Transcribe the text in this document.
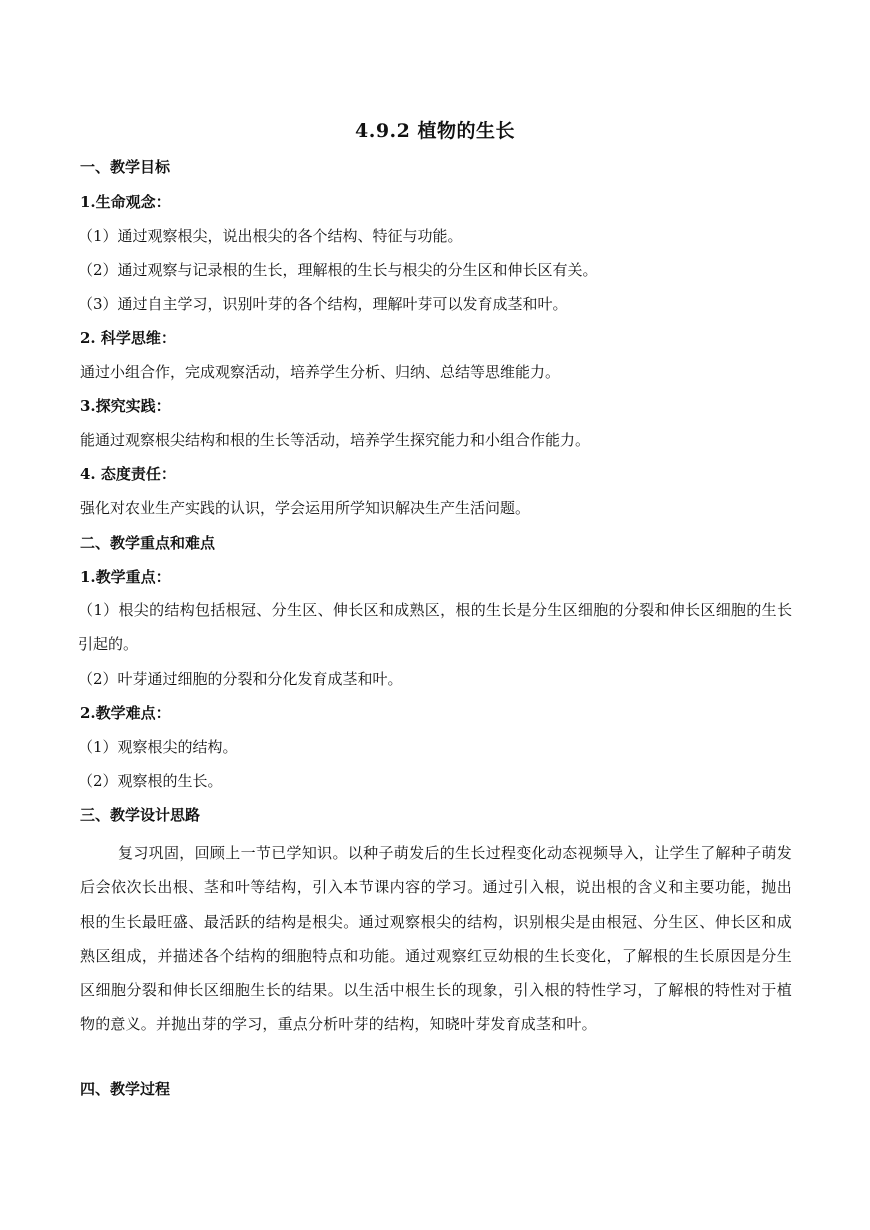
4.9.2 植物的生长
一、教学目标
1.生命观念：
（1）通过观察根尖，说出根尖的各个结构、特征与功能。
（2）通过观察与记录根的生长，理解根的生长与根尖的分生区和伸长区有关。
（3）通过自主学习，识别叶芽的各个结构，理解叶芽可以发育成茎和叶。
2. 科学思维：
通过小组合作，完成观察活动，培养学生分析、归纳、总结等思维能力。
3.探究实践：
能通过观察根尖结构和根的生长等活动，培养学生探究能力和小组合作能力。
4. 态度责任：
强化对农业生产实践的认识，学会运用所学知识解决生产生活问题。
二、教学重点和难点
1.教学重点：
（1）根尖的结构包括根冠、分生区、伸长区和成熟区，根的生长是分生区细胞的分裂和伸长区细胞的生长引起的。
（2）叶芽通过细胞的分裂和分化发育成茎和叶。
2.教学难点：
（1）观察根尖的结构。
（2）观察根的生长。
三、教学设计思路
复习巩固，回顾上一节已学知识。以种子萌发后的生长过程变化动态视频导入，让学生了解种子萌发后会依次长出根、茎和叶等结构，引入本节课内容的学习。通过引入根，说出根的含义和主要功能，抛出根的生长最旺盛、最活跃的结构是根尖。通过观察根尖的结构，识别根尖是由根冠、分生区、伸长区和成熟区组成，并描述各个结构的细胞特点和功能。通过观察红豆幼根的生长变化，了解根的生长原因是分生区细胞分裂和伸长区细胞生长的结果。以生活中根生长的现象，引入根的特性学习，了解根的特性对于植物的意义。并抛出芽的学习，重点分析叶芽的结构，知晓叶芽发育成茎和叶。
四、教学过程
